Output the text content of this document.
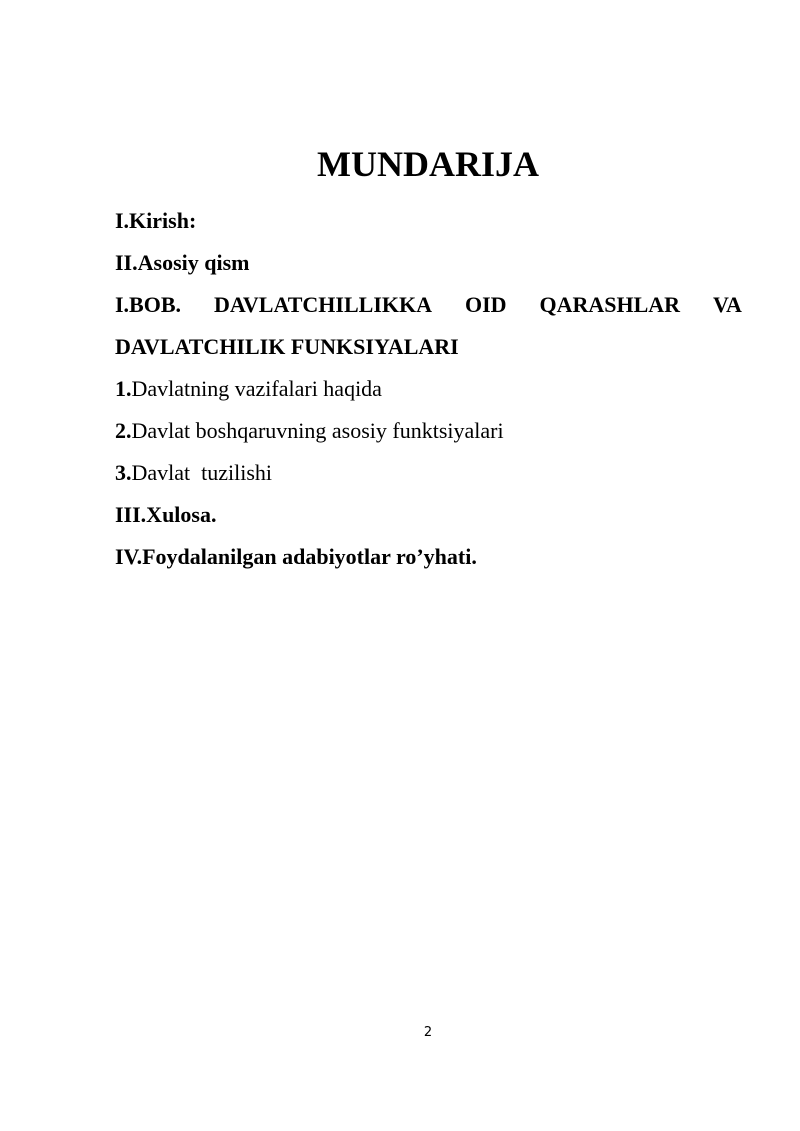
MUNDARIJA
I.Kirish:
II.Asosiy qism
I.BOB. DAVLATCHILLIKKA OID QARASHLAR VA
DAVLATCHILIK FUNKSIYALARI
1.Davlatning vazifalari haqida
2.Davlat boshqaruvning asosiy funktsiyalari
3.Davlat  tuzilishi
III.Xulosa.
IV.Foydalanilgan adabiyotlar ro’yhati.
2
